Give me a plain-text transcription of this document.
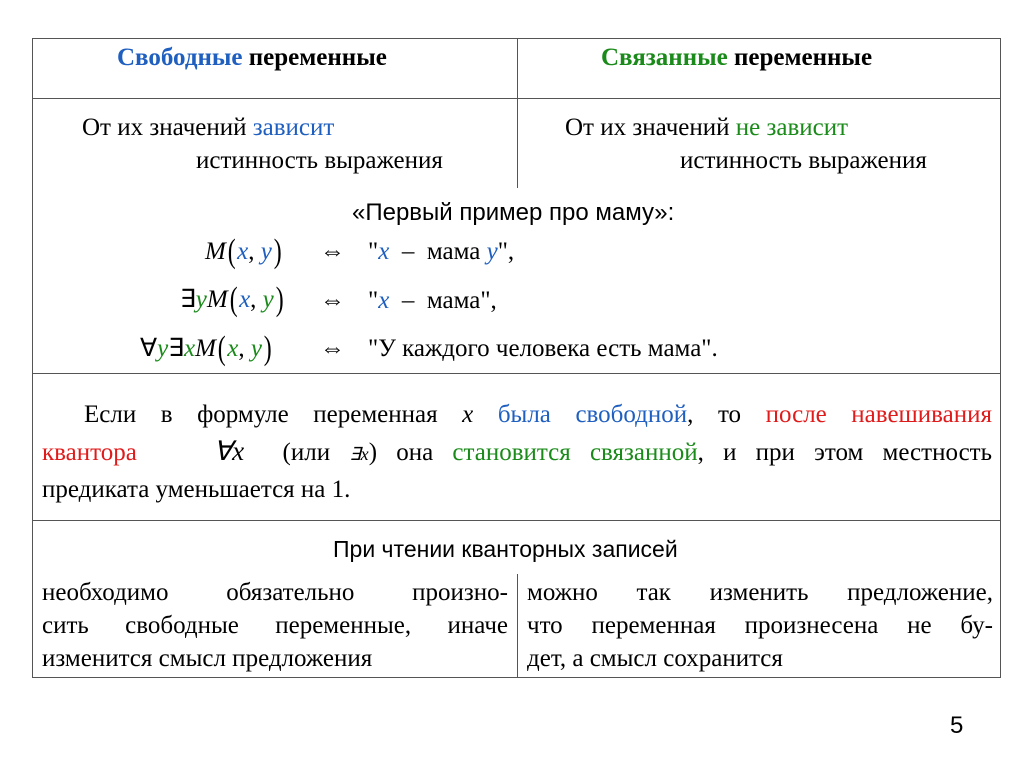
Свободные переменные	Связанные переменные
От их значений зависит
истинность выражения
От их значений не зависит
истинность выражения
«Первый пример про маму»:
M(x, y) ⇔ "x – мама y",
∃yM(x, y) ⇔ "x – мама",
∀y∃xM(x, y) ⇔ "У каждого человека есть мама".
Если в формуле переменная x была свободной, то после навешивания
квантора	∀x (или ∃x) она становится связанной, и при этом местность
предиката уменьшается на 1.
При чтении кванторных записей
необходимо обязательно произно-
сить свободные переменные, иначе
изменится смысл предложения
можно так изменить предложение,
что переменная произнесена не бу-
дет, а смысл сохранится
5
